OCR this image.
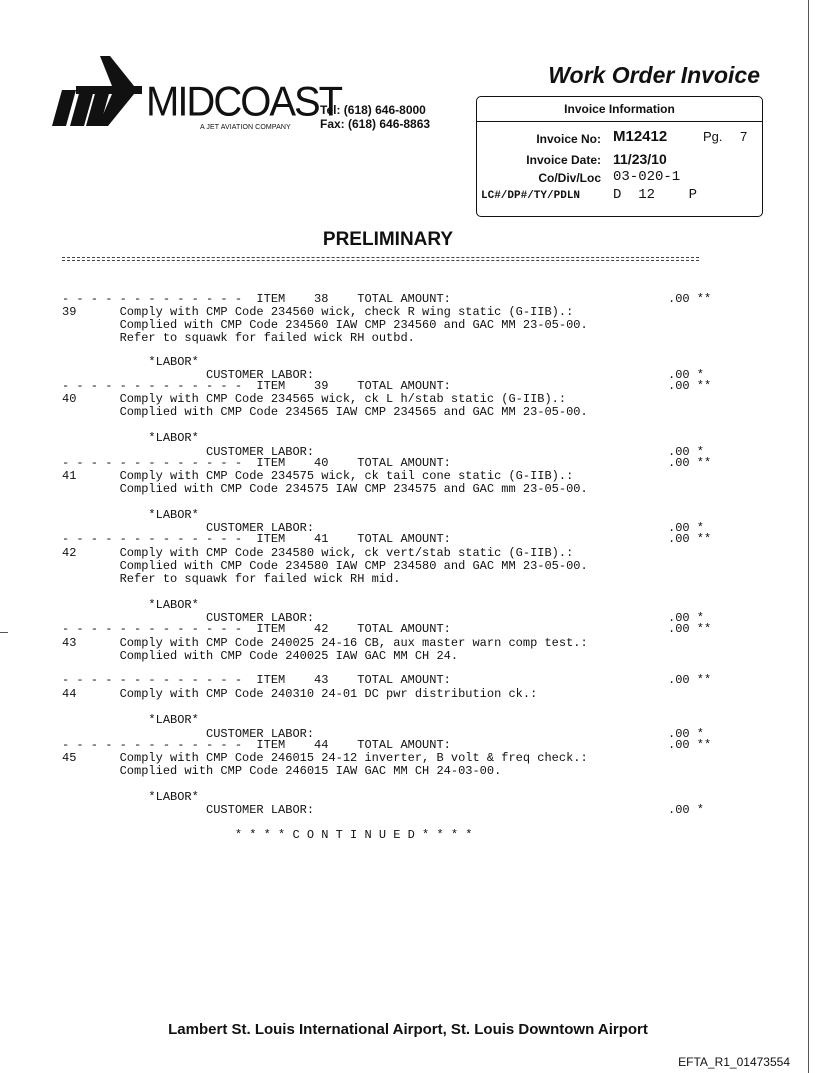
MIDCOAST
A JET AVIATION COMPANY
Tel: (618) 646-8000
Fax: (618) 646-8863
Work Order Invoice
Invoice Information
Invoice No: M12412	Pg. 7
Invoice Date: 11/23/10
Co/Div/Loc 03-020-1
LC#/DP#/TY/PDLN D  12    P
PRELIMINARY
- - - - - - - - - - - - -  ITEM    38    TOTAL AMOUNT:	.00 **
39      Comply with CMP Code 234560 wick, check R wing static (G-IIB).:
Complied with CMP Code 234560 IAW CMP 234560 and GAC MM 23-05-00.
Refer to squawk for failed wick RH outbd.
*LABOR*
CUSTOMER LABOR:	.00 *
- - - - - - - - - - - - -  ITEM    39    TOTAL AMOUNT:	.00 **
40      Comply with CMP Code 234565 wick, ck L h/stab static (G-IIB).:
Complied with CMP Code 234565 IAW CMP 234565 and GAC MM 23-05-00.
*LABOR*
CUSTOMER LABOR:	.00 *
- - - - - - - - - - - - -  ITEM    40    TOTAL AMOUNT:	.00 **
41      Comply with CMP Code 234575 wick, ck tail cone static (G-IIB).:
Complied with CMP Code 234575 IAW CMP 234575 and GAC mm 23-05-00.
*LABOR*
CUSTOMER LABOR:	.00 *
- - - - - - - - - - - - -  ITEM    41    TOTAL AMOUNT:	.00 **
42      Comply with CMP Code 234580 wick, ck vert/stab static (G-IIB).:
Complied with CMP Code 234580 IAW CMP 234580 and GAC MM 23-05-00.
Refer to squawk for failed wick RH mid.
*LABOR*
CUSTOMER LABOR:	.00 *
- - - - - - - - - - - - -  ITEM    42    TOTAL AMOUNT:	.00 **
43      Comply with CMP Code 240025 24-16 CB, aux master warn comp test.:
Complied with CMP Code 240025 IAW GAC MM CH 24.
- - - - - - - - - - - - -  ITEM    43    TOTAL AMOUNT:	.00 **
44      Comply with CMP Code 240310 24-01 DC pwr distribution ck.:
*LABOR*
CUSTOMER LABOR:	.00 *
- - - - - - - - - - - - -  ITEM    44    TOTAL AMOUNT:	.00 **
45      Comply with CMP Code 246015 24-12 inverter, B volt & freq check.:
Complied with CMP Code 246015 IAW GAC MM CH 24-03-00.
*LABOR*
CUSTOMER LABOR:	.00 *
* * * * C O N T I N U E D * * * *
Lambert St. Louis International Airport, St. Louis Downtown Airport
EFTA_R1_01473554
